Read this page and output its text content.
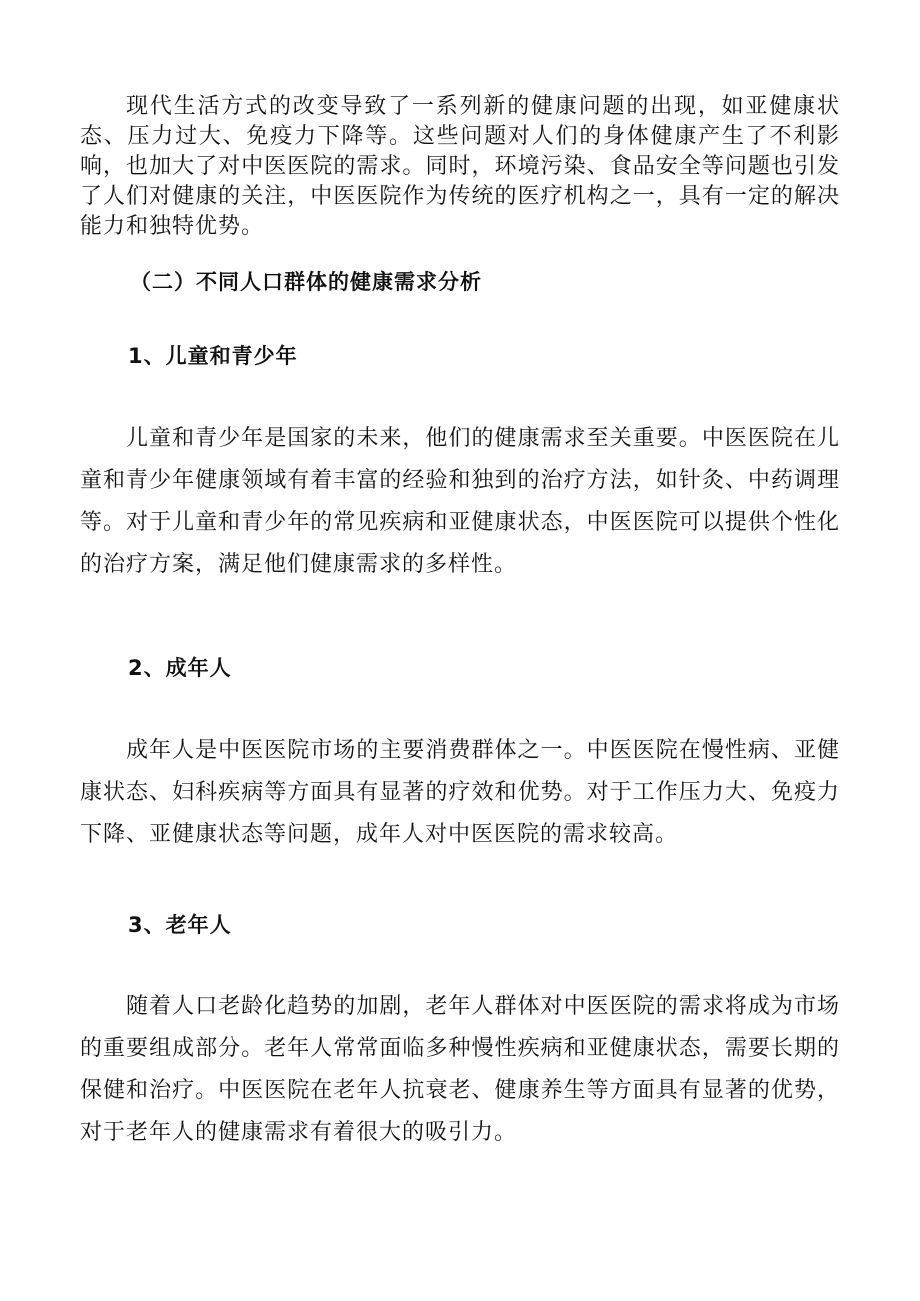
现代生活方式的改变导致了一系列新的健康问题的出现，如亚健康状态、压力过大、免疫力下降等。这些问题对人们的身体健康产生了不利影响，也加大了对中医医院的需求。同时，环境污染、食品安全等问题也引发了人们对健康的关注，中医医院作为传统的医疗机构之一，具有一定的解决能力和独特优势。

（二）不同人口群体的健康需求分析
1、儿童和青少年

儿童和青少年是国家的未来，他们的健康需求至关重要。中医医院在儿童和青少年健康领域有着丰富的经验和独到的治疗方法，如针灸、中药调理等。对于儿童和青少年的常见疾病和亚健康状态，中医医院可以提供个性化的治疗方案，满足他们健康需求的多样性。

2、成年人

成年人是中医医院市场的主要消费群体之一。中医医院在慢性病、亚健康状态、妇科疾病等方面具有显著的疗效和优势。对于工作压力大、免疫力下降、亚健康状态等问题，成年人对中医医院的需求较高。

3、老年人

随着人口老龄化趋势的加剧，老年人群体对中医医院的需求将成为市场的重要组成部分。老年人常常面临多种慢性疾病和亚健康状态，需要长期的保健和治疗。中医医院在老年人抗衰老、健康养生等方面具有显著的优势，对于老年人的健康需求有着很大的吸引力。
